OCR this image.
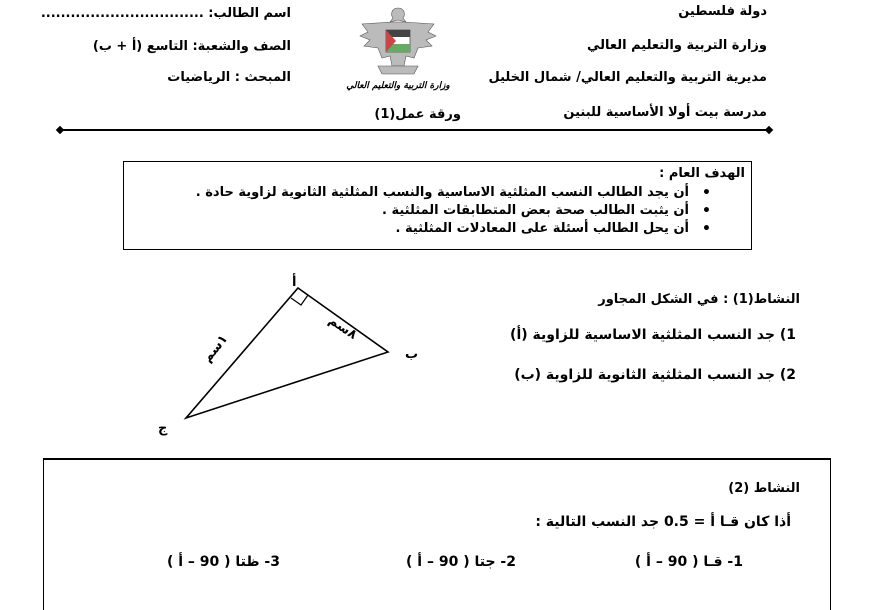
دولة فلسطين
وزارة التربية والتعليم العالي
مديرية التربية والتعليم العالي/ شمال الخليل
مدرسة بيت أولا الأساسية للبنين
اسم الطالب: .................................
الصف والشعبة: التاسع (أ + ب)
المبحث : الرياضيات
ورقة عمل(1)
وزارة التربية والتعليم العالي
الهدف العام :
• أن يجد الطالب النسب المثلثية الاساسية والنسب المثلثية الثانوية لزاوية حادة .
• أن يثبت الطالب صحة بعض المتطابقات المثلثية .
• أن يحل الطالب أسئلة على المعادلات المثلثية .
النشاط(1) : في الشكل المجاور
1) جد النسب المثلثية الاساسية للزاوية (أ)
2) جد النسب المثلثية الثانوية للزاوية (ب)
أ
ب
ج
٨سم
١سم
النشاط (2)
أذا كان قـا أ = 0.5 جد النسب التالية :
1- قـا ( 90 – أ )
2- جتا ( 90 – أ )
3- ظتا ( 90 – أ )
